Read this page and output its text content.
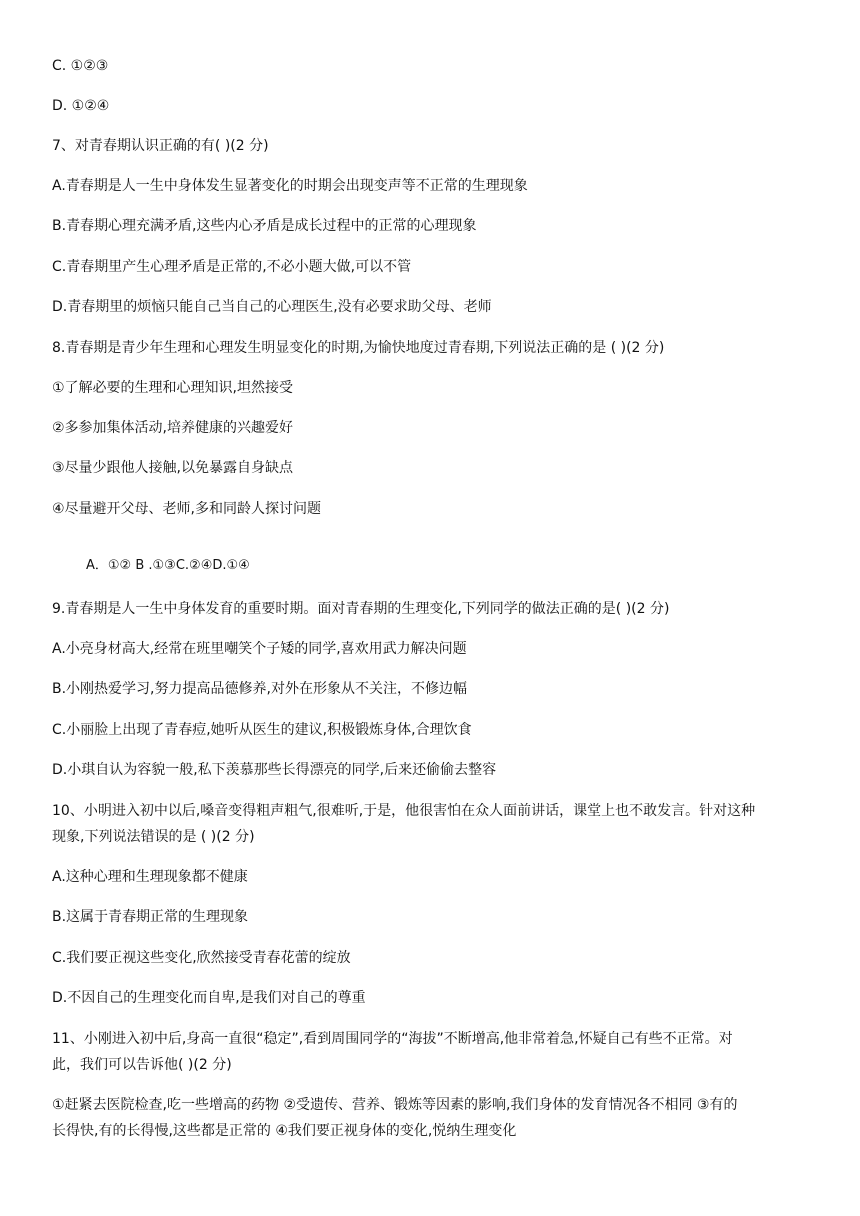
C. ①②③
D. ①②④
7、对青春期认识正确的有( )(2 分)
A.青春期是人一生中身体发生显著变化的时期会出现变声等不正常的生理现象
B.青春期心理充满矛盾,这些内心矛盾是成长过程中的正常的心理现象
C.青春期里产生心理矛盾是正常的,不必小题大做,可以不管
D.青春期里的烦恼只能自己当自己的心理医生,没有必要求助父母、老师
8.青春期是青少年生理和心理发生明显变化的时期,为愉快地度过青春期,下列说法正确的是 ( )(2 分)
①了解必要的生理和心理知识,坦然接受
②多参加集体活动,培养健康的兴趣爱好
③尽量少跟他人接触,以免暴露自身缺点
④尽量避开父母、老师,多和同龄人探讨问题
A．①② B .①③C.②④D.①④
9.青春期是人一生中身体发育的重要时期。面对青春期的生理变化,下列同学的做法正确的是( )(2 分)
A.小亮身材高大,经常在班里嘲笑个子矮的同学,喜欢用武力解决问题
B.小刚热爱学习,努力提高品德修养,对外在形象从不关注，不修边幅
C.小丽脸上出现了青春痘,她听从医生的建议,积极锻炼身体,合理饮食
D.小琪自认为容貌一般,私下羡慕那些长得漂亮的同学,后来还偷偷去整容
10、小明进入初中以后,嗓音变得粗声粗气,很难听,于是，他很害怕在众人面前讲话，课堂上也不敢发言。针对这种
现象,下列说法错误的是 ( )(2 分)
A.这种心理和生理现象都不健康
B.这属于青春期正常的生理现象
C.我们要正视这些变化,欣然接受青春花蕾的绽放
D.不因自己的生理变化而自卑,是我们对自己的尊重
11、小刚进入初中后,身高一直很“稳定”,看到周围同学的“海拔”不断增高,他非常着急,怀疑自己有些不正常。对
此，我们可以告诉他( )(2 分)
①赶紧去医院检查,吃一些增高的药物 ②受遗传、营养、锻炼等因素的影响,我们身体的发育情况各不相同 ③有的
长得快,有的长得慢,这些都是正常的 ④我们要正视身体的变化,悦纳生理变化
